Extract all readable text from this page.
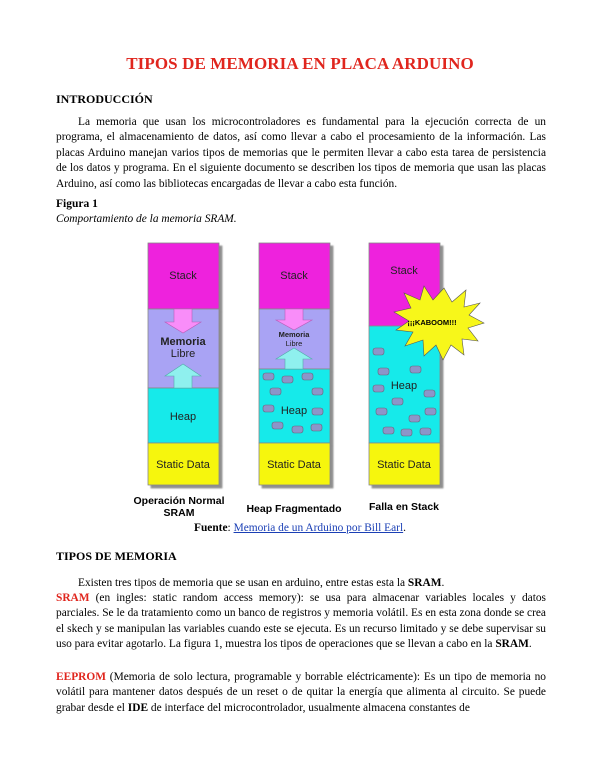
TIPOS DE MEMORIA EN PLACA ARDUINO
INTRODUCCIÓN

La memoria que usan los microcontroladores es fundamental para la ejecución correcta de un programa, el almacenamiento de datos, así como llevar a cabo el procesamiento de la información. Las placas Arduino manejan varios tipos de memorias que le permiten llevar a cabo esta tarea de persistencia de los datos y programa. En el siguiente documento se describen los tipos de memoria que usan las placas Arduino, así como las bibliotecas encargadas de llevar a cabo esta función.

Figura 1
Comportamiento de la memoria SRAM.
Stack
Memoria
Libre
Heap
Static Data
Operación Normal
SRAM
Stack
Memoria
Libre
Heap
Static Data
Heap Fragmentado
Stack
¡¡¡KABOOM!!!
Heap
Static Data
Falla en Stack
Fuente: Memoria de un Arduino por Bill Earl.
TIPOS DE MEMORIA

Existen tres tipos de memoria que se usan en arduino, entre estas esta la SRAM.

SRAM (en ingles: static random access memory): se usa para almacenar variables locales y datos parciales. Se le da tratamiento como un banco de registros y memoria volátil. Es en esta zona donde se crea el skech y se manipulan las variables cuando este se ejecuta. Es un recurso limitado y se debe supervisar su uso para evitar agotarlo. La figura 1, muestra los tipos de operaciones que se llevan a cabo en la SRAM.

EEPROM (Memoria de solo lectura, programable y borrable eléctricamente): Es un tipo de memoria no volátil para mantener datos después de un reset o de quitar la energía que alimenta al circuito. Se puede grabar desde el IDE de interface del microcontrolador, usualmente almacena constantes de
